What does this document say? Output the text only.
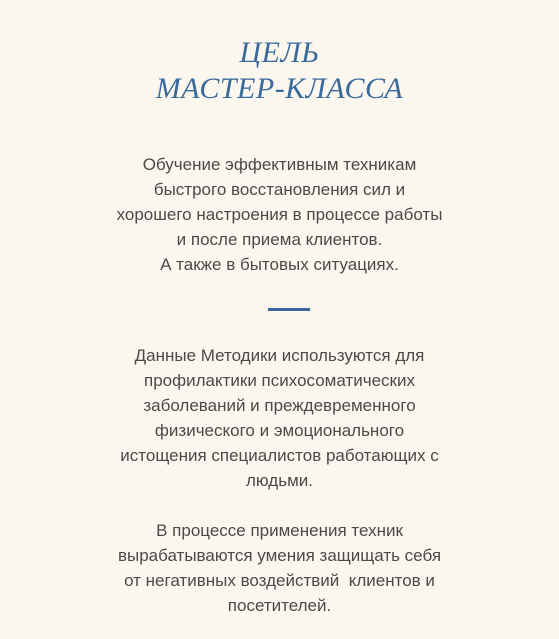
ЦЕЛЬ
МАСТЕР-КЛАССА
Обучение эффективным техникам
быстрого восстановления сил и
хорошего настроения в процессе работы
и после приема клиентов.
А также в бытовых ситуациях.
Данные Методики используются для
профилактики психосоматических
заболеваний и преждевременного
физического и эмоционального
истощения специалистов работающих с
людьми.
В процессе применения техник
вырабатываются умения защищать себя
от негативных воздействий  клиентов и
посетителей.
